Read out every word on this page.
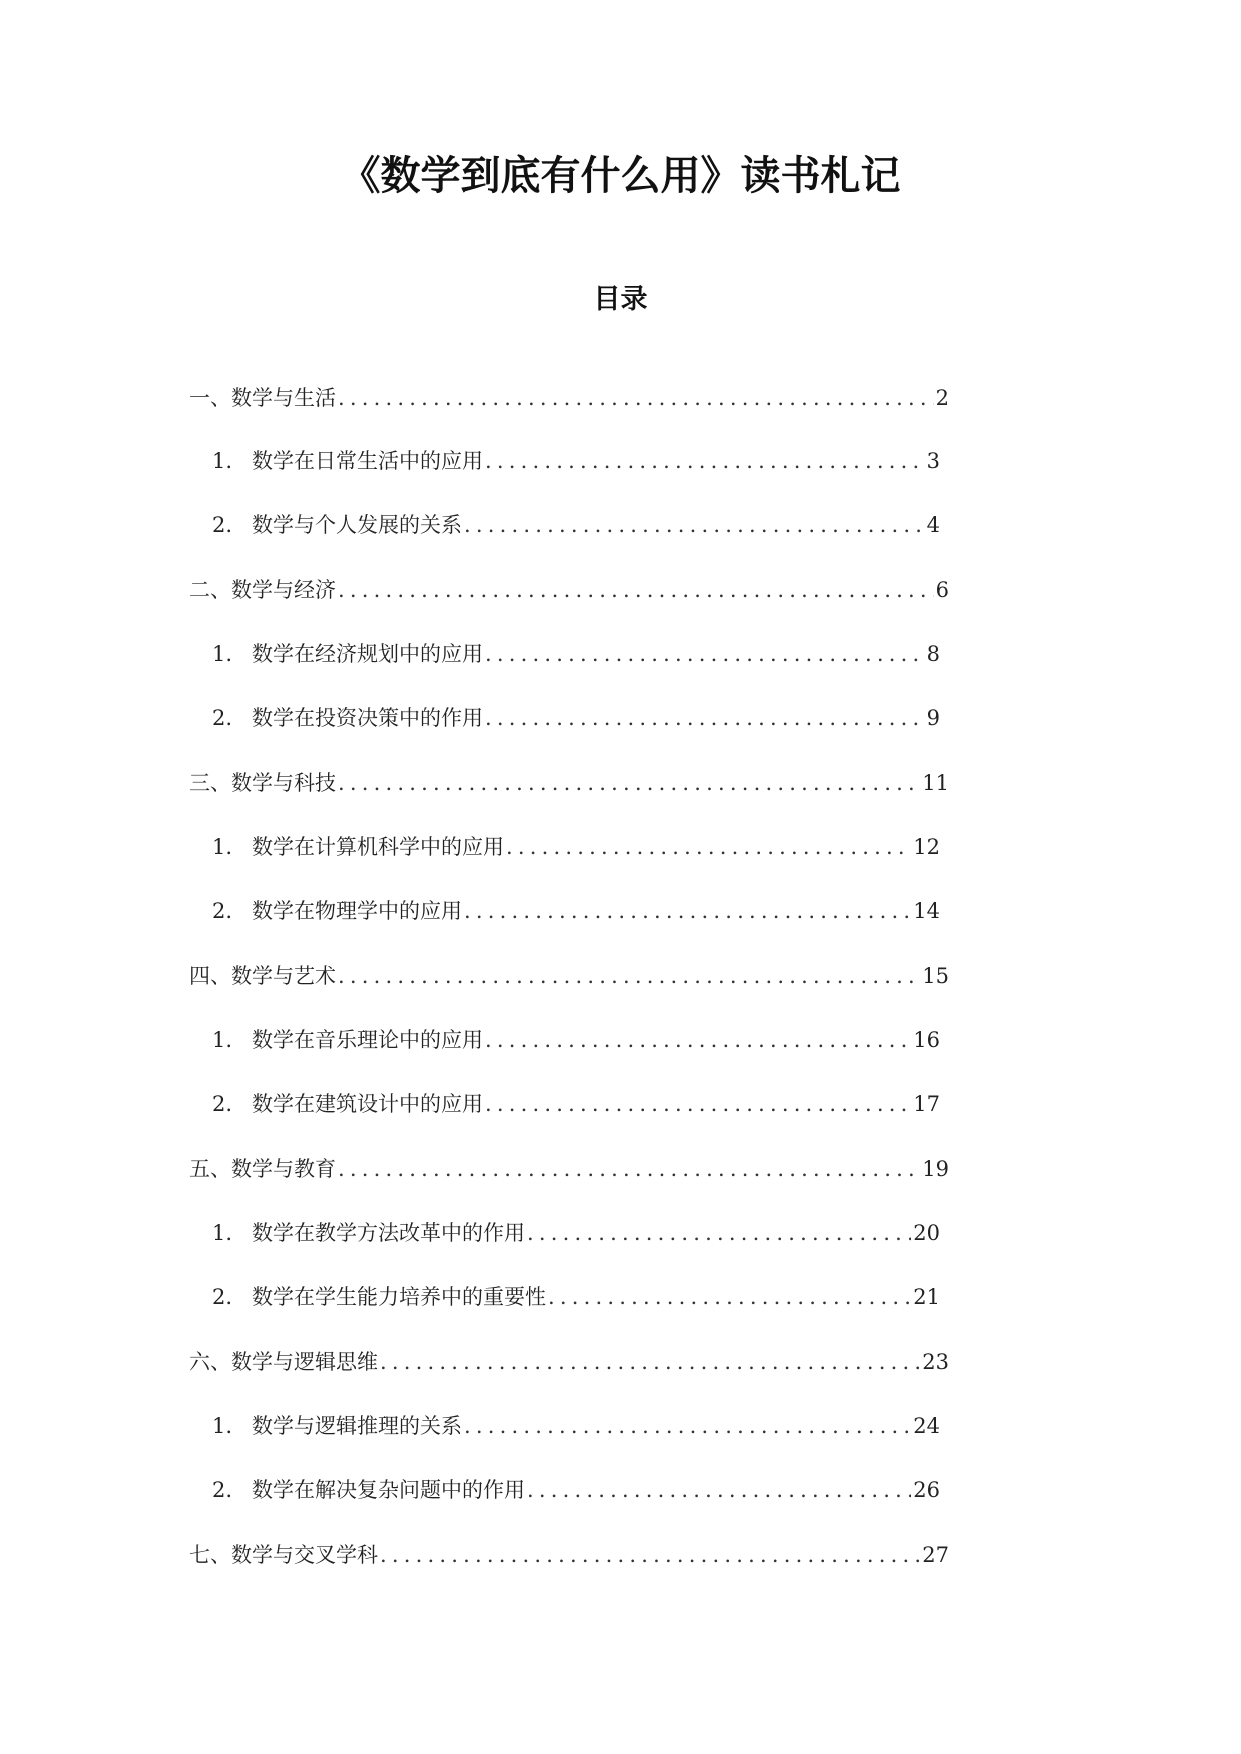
《数学到底有什么用》读书札记
目录
一、数学与生活 .....	2
1. 数学在日常生活中的应用 .....	3
2. 数学与个人发展的关系 .....	4
二、数学与经济 .....	6
1. 数学在经济规划中的应用 .....	8
2. 数学在投资决策中的作用 .....	9
三、数学与科技 .....	11
1. 数学在计算机科学中的应用 .....	12
2. 数学在物理学中的应用 .....	14
四、数学与艺术 .....	15
1. 数学在音乐理论中的应用 .....	16
2. 数学在建筑设计中的应用 .....	17
五、数学与教育 .....	19
1. 数学在教学方法改革中的作用 .....	20
2. 数学在学生能力培养中的重要性 .....	21
六、数学与逻辑思维 .....	23
1. 数学与逻辑推理的关系 .....	24
2. 数学在解决复杂问题中的作用 .....	26
七、数学与交叉学科 .....	27
